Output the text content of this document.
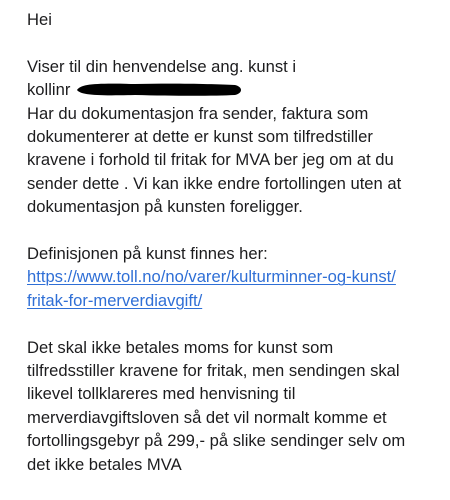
Hei
Viser til din henvendelse ang. kunst i
kollinr
Har du dokumentasjon fra sender, faktura som
dokumenterer at dette er kunst som tilfredstiller
kravene i forhold til fritak for MVA ber jeg om at du
sender dette . Vi kan ikke endre fortollingen uten at
dokumentasjon på kunsten foreligger.
Definisjonen på kunst finnes her:
https://www.toll.no/no/varer/kulturminner-og-kunst/
fritak-for-merverdiavgift/
Det skal ikke betales moms for kunst som
tilfredsstiller kravene for fritak, men sendingen skal
likevel tollklareres med henvisning til
merverdiavgiftsloven så det vil normalt komme et
fortollingsgebyr på 299,- på slike sendinger selv om
det ikke betales MVA
